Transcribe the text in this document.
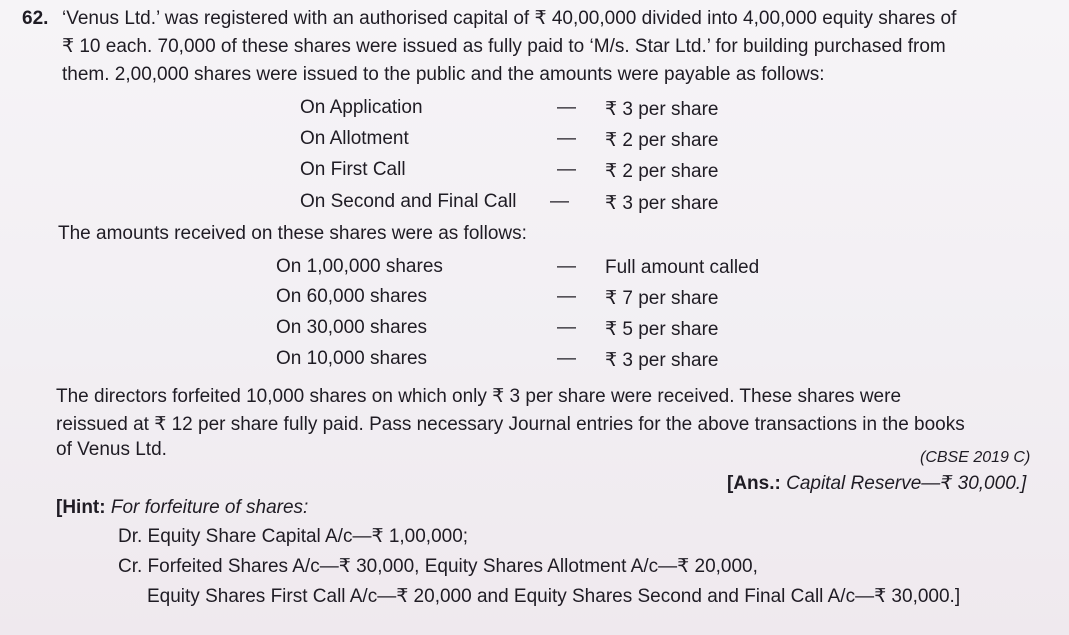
62. ‘Venus Ltd.’ was registered with an authorised capital of ₹ 40,00,000 divided into 4,00,000 equity shares of
₹ 10 each. 70,000 of these shares were issued as fully paid to ‘M/s. Star Ltd.’ for building purchased from
them. 2,00,000 shares were issued to the public and the amounts were payable as follows:
On Application	— ₹ 3 per share
On Allotment	— ₹ 2 per share
On First Call	— ₹ 2 per share
On Second and Final Call — ₹ 3 per share
The amounts received on these shares were as follows:
On 1,00,000 shares	— Full amount called
On 60,000 shares	— ₹ 7 per share
On 30,000 shares	— ₹ 5 per share
On 10,000 shares	— ₹ 3 per share
The directors forfeited 10,000 shares on which only ₹ 3 per share were received. These shares were
reissued at ₹ 12 per share fully paid. Pass necessary Journal entries for the above transactions in the books
of Venus Ltd.	(CBSE 2019 C)
[Ans.: Capital Reserve—₹ 30,000.]
[Hint: For forfeiture of shares:
Dr. Equity Share Capital A/c—₹ 1,00,000;
Cr. Forfeited Shares A/c—₹ 30,000, Equity Shares Allotment A/c—₹ 20,000,
Equity Shares First Call A/c—₹ 20,000 and Equity Shares Second and Final Call A/c—₹ 30,000.]
